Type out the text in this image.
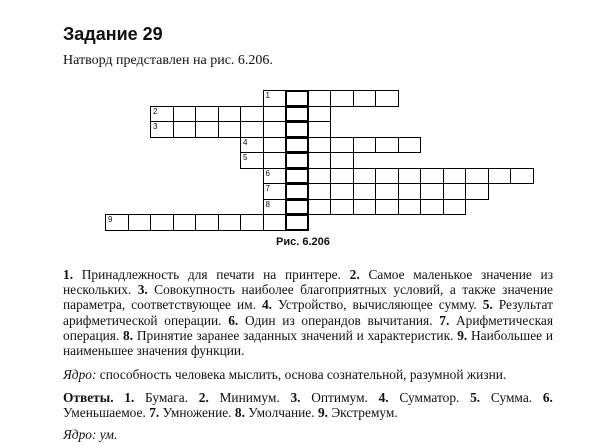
Задание 29
Натворд представлен на рис. 6.206.
1
2
3
4
5
6
7
8
9
Рис. 6.206
1. Принадлежность для печати на принтере. 2. Самое маленькое значение из нескольких. 3. Совокупность наиболее благоприятных условий, а также значение параметра, соответствующее им. 4. Устройство, вычисляющее сумму. 5. Результат арифметической операции. 6. Один из операндов вычитания. 7. Арифметическая операция. 8. Принятие заранее заданных значений и характеристик. 9. Наибольшее и наименьшее значения функции.
Ядро: способность человека мыслить, основа сознательной, разумной жизни.
Ответы. 1. Бумага. 2. Минимум. 3. Оптимум. 4. Сумматор. 5. Сумма. 6. Уменьшаемое. 7. Умножение. 8. Умолчание. 9. Экстремум.
Ядро: ум.
